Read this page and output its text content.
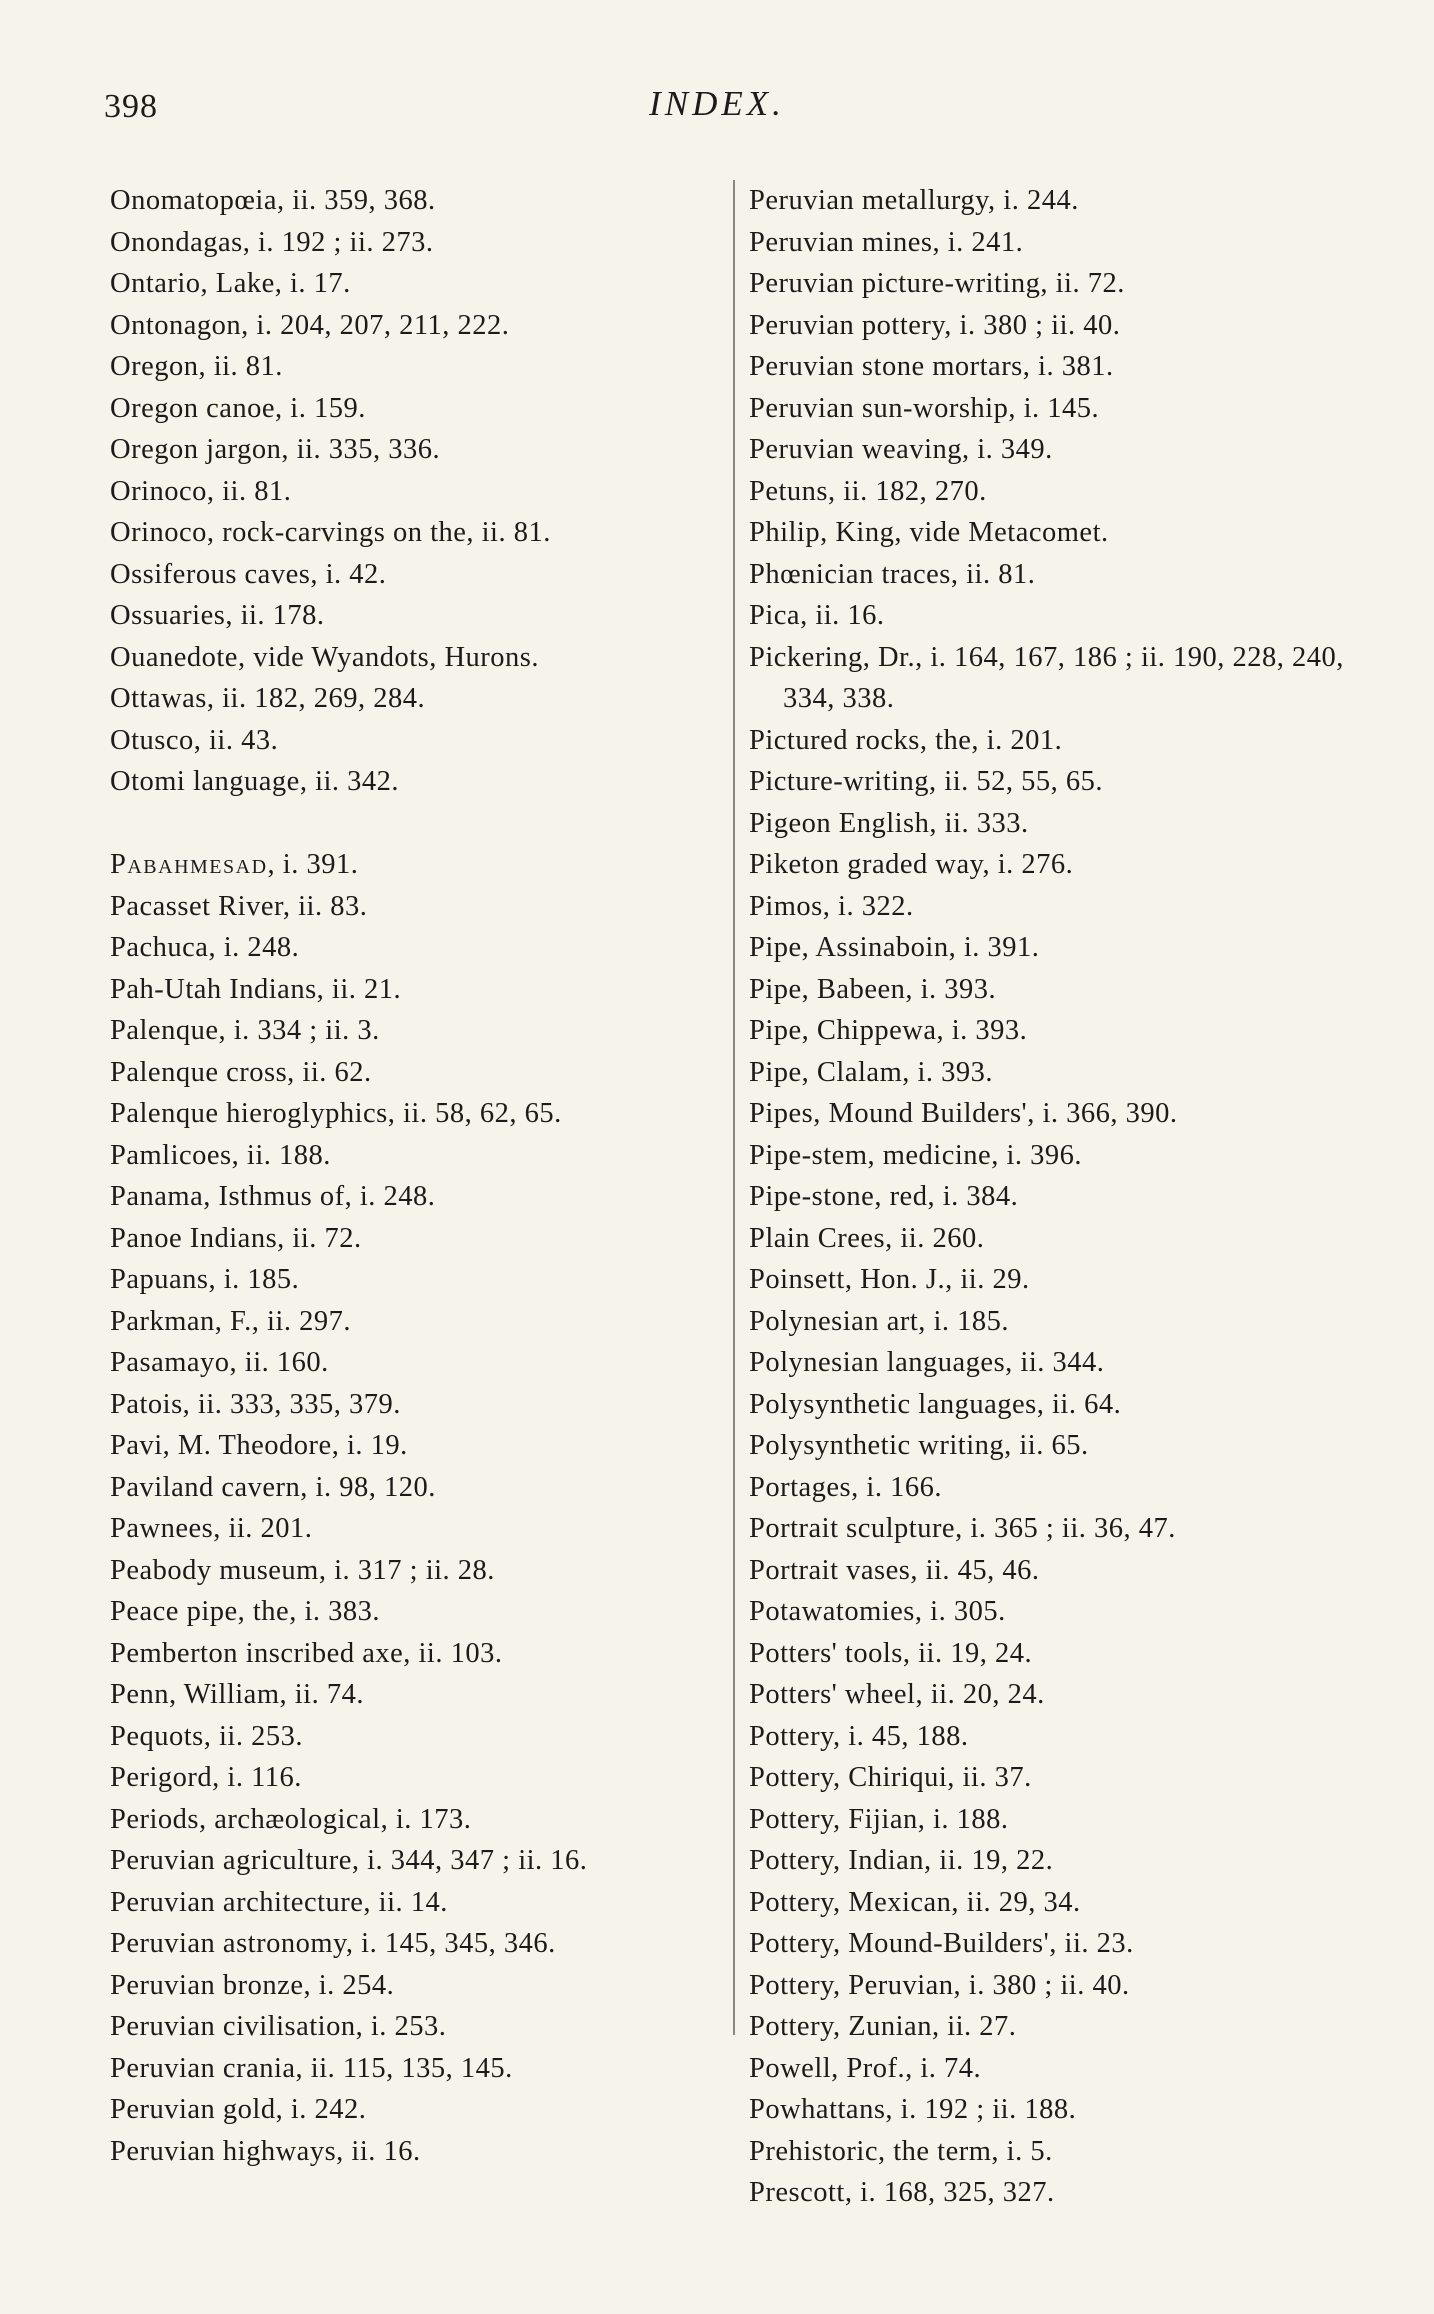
398	INDEX.
Onomatopœia, ii. 359, 368.
Onondagas, i. 192 ; ii. 273.
Ontario, Lake, i. 17.
Ontonagon, i. 204, 207, 211, 222.
Oregon, ii. 81.
Oregon canoe, i. 159.
Oregon jargon, ii. 335, 336.
Orinoco, ii. 81.
Orinoco, rock-carvings on the, ii. 81.
Ossiferous caves, i. 42.
Ossuaries, ii. 178.
Ouanedote, vide Wyandots, Hurons.
Ottawas, ii. 182, 269, 284.
Otusco, ii. 43.
Otomi language, ii. 342.
Pabahmesad, i. 391.
Pacasset River, ii. 83.
Pachuca, i. 248.
Pah-Utah Indians, ii. 21.
Palenque, i. 334 ; ii. 3.
Palenque cross, ii. 62.
Palenque hieroglyphics, ii. 58, 62, 65.
Pamlicoes, ii. 188.
Panama, Isthmus of, i. 248.
Panoe Indians, ii. 72.
Papuans, i. 185.
Parkman, F., ii. 297.
Pasamayo, ii. 160.
Patois, ii. 333, 335, 379.
Pavi, M. Theodore, i. 19.
Paviland cavern, i. 98, 120.
Pawnees, ii. 201.
Peabody museum, i. 317 ; ii. 28.
Peace pipe, the, i. 383.
Pemberton inscribed axe, ii. 103.
Penn, William, ii. 74.
Pequots, ii. 253.
Perigord, i. 116.
Periods, archæological, i. 173.
Peruvian agriculture, i. 344, 347 ; ii. 16.
Peruvian architecture, ii. 14.
Peruvian astronomy, i. 145, 345, 346.
Peruvian bronze, i. 254.
Peruvian civilisation, i. 253.
Peruvian crania, ii. 115, 135, 145.
Peruvian gold, i. 242.
Peruvian highways, ii. 16.
Peruvian metallurgy, i. 244.
Peruvian mines, i. 241.
Peruvian picture-writing, ii. 72.
Peruvian pottery, i. 380 ; ii. 40.
Peruvian stone mortars, i. 381.
Peruvian sun-worship, i. 145.
Peruvian weaving, i. 349.
Petuns, ii. 182, 270.
Philip, King, vide Metacomet.
Phœnician traces, ii. 81.
Pica, ii. 16.
Pickering, Dr., i. 164, 167, 186 ; ii. 190, 228, 240, 334, 338.
Pictured rocks, the, i. 201.
Picture-writing, ii. 52, 55, 65.
Pigeon English, ii. 333.
Piketon graded way, i. 276.
Pimos, i. 322.
Pipe, Assinaboin, i. 391.
Pipe, Babeen, i. 393.
Pipe, Chippewa, i. 393.
Pipe, Clalam, i. 393.
Pipes, Mound Builders', i. 366, 390.
Pipe-stem, medicine, i. 396.
Pipe-stone, red, i. 384.
Plain Crees, ii. 260.
Poinsett, Hon. J., ii. 29.
Polynesian art, i. 185.
Polynesian languages, ii. 344.
Polysynthetic languages, ii. 64.
Polysynthetic writing, ii. 65.
Portages, i. 166.
Portrait sculpture, i. 365 ; ii. 36, 47.
Portrait vases, ii. 45, 46.
Potawatomies, i. 305.
Potters' tools, ii. 19, 24.
Potters' wheel, ii. 20, 24.
Pottery, i. 45, 188.
Pottery, Chiriqui, ii. 37.
Pottery, Fijian, i. 188.
Pottery, Indian, ii. 19, 22.
Pottery, Mexican, ii. 29, 34.
Pottery, Mound-Builders', ii. 23.
Pottery, Peruvian, i. 380 ; ii. 40.
Pottery, Zunian, ii. 27.
Powell, Prof., i. 74.
Powhattans, i. 192 ; ii. 188.
Prehistoric, the term, i. 5.
Prescott, i. 168, 325, 327.
